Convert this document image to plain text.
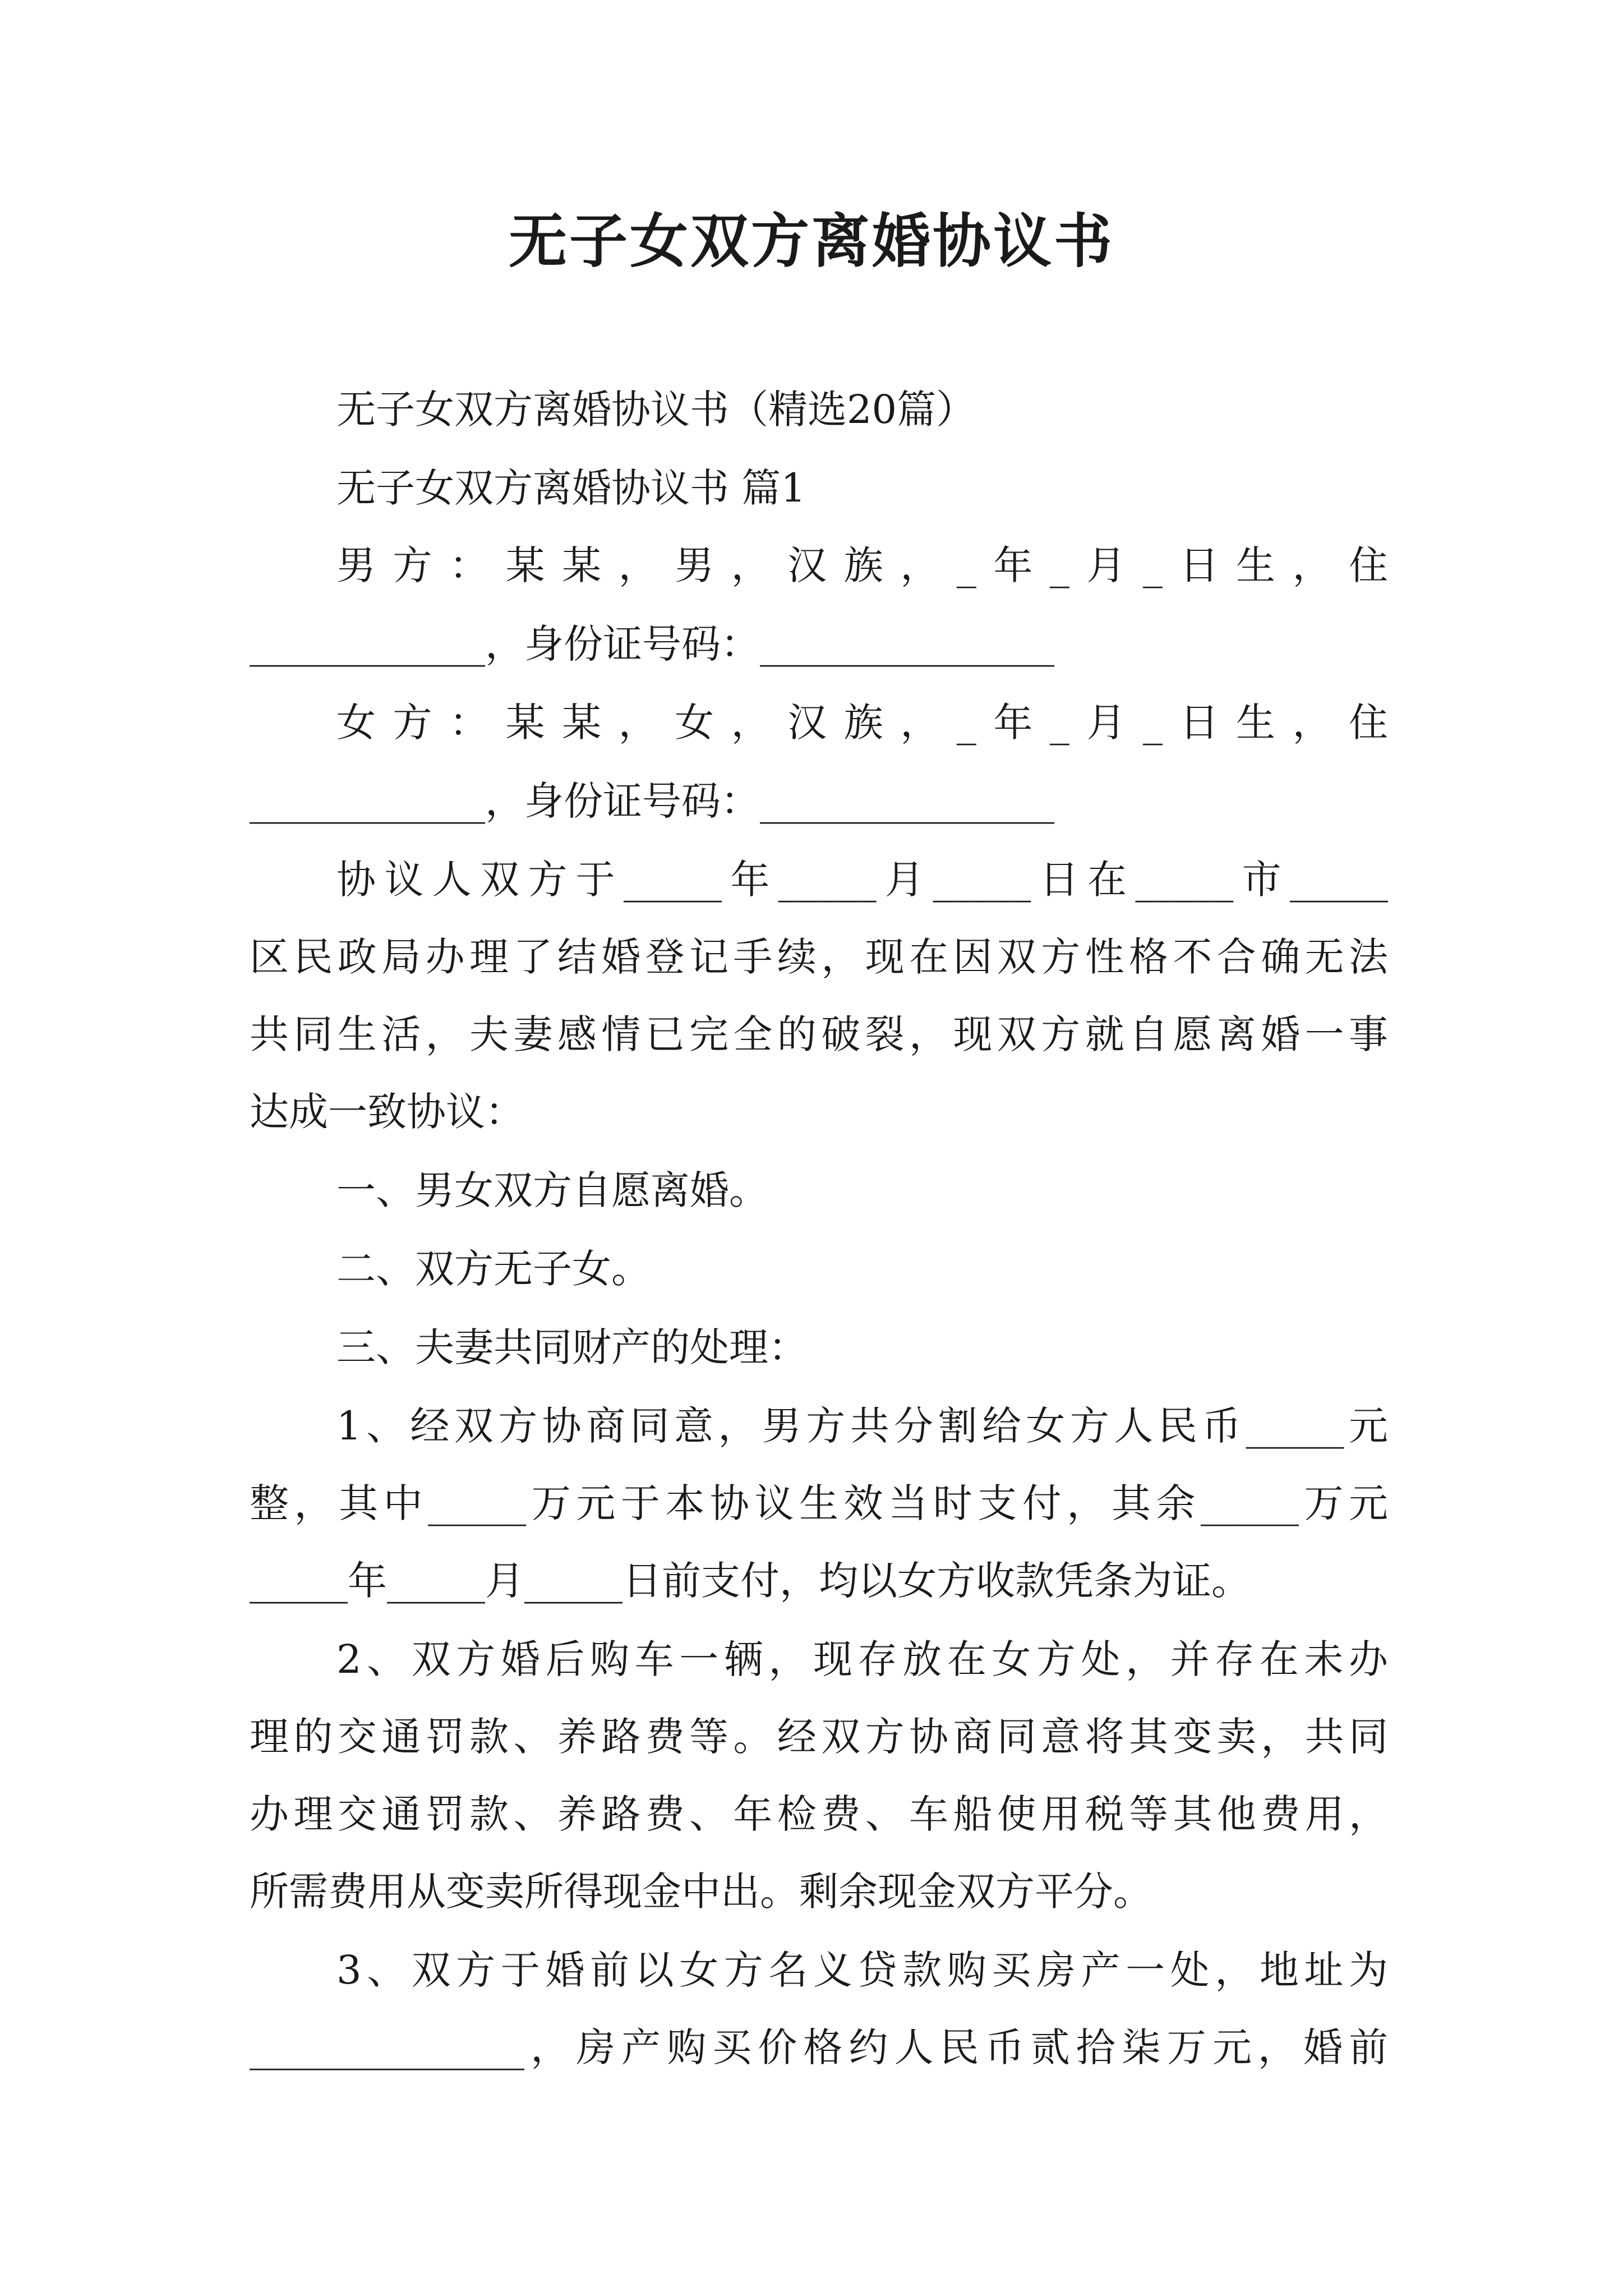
无子女双方离婚协议书
无子女双方离婚协议书（精选20篇）
无子女双方离婚协议书 篇1
男方：某某，男，汉族，_年_月_日生，住
____________，身份证号码：_______________
女方：某某，女，汉族，_年_月_日生，住
____________，身份证号码：_______________
协议人双方于_____年_____月_____日在_____市_____
区民政局办理了结婚登记手续，现在因双方性格不合确无法
共同生活，夫妻感情已完全的破裂，现双方就自愿离婚一事
达成一致协议：
一、男女双方自愿离婚。
二、双方无子女。
三、夫妻共同财产的处理：
1、经双方协商同意，男方共分割给女方人民币_____元
整，其中_____万元于本协议生效当时支付，其余_____万元
_____年_____月_____日前支付，均以女方收款凭条为证。
2、双方婚后购车一辆，现存放在女方处，并存在未办
理的交通罚款、养路费等。经双方协商同意将其变卖，共同
办理交通罚款、养路费、年检费、车船使用税等其他费用，
所需费用从变卖所得现金中出。剩余现金双方平分。
3、双方于婚前以女方名义贷款购买房产一处，地址为
______________，房产购买价格约人民币贰拾柒万元，婚前
